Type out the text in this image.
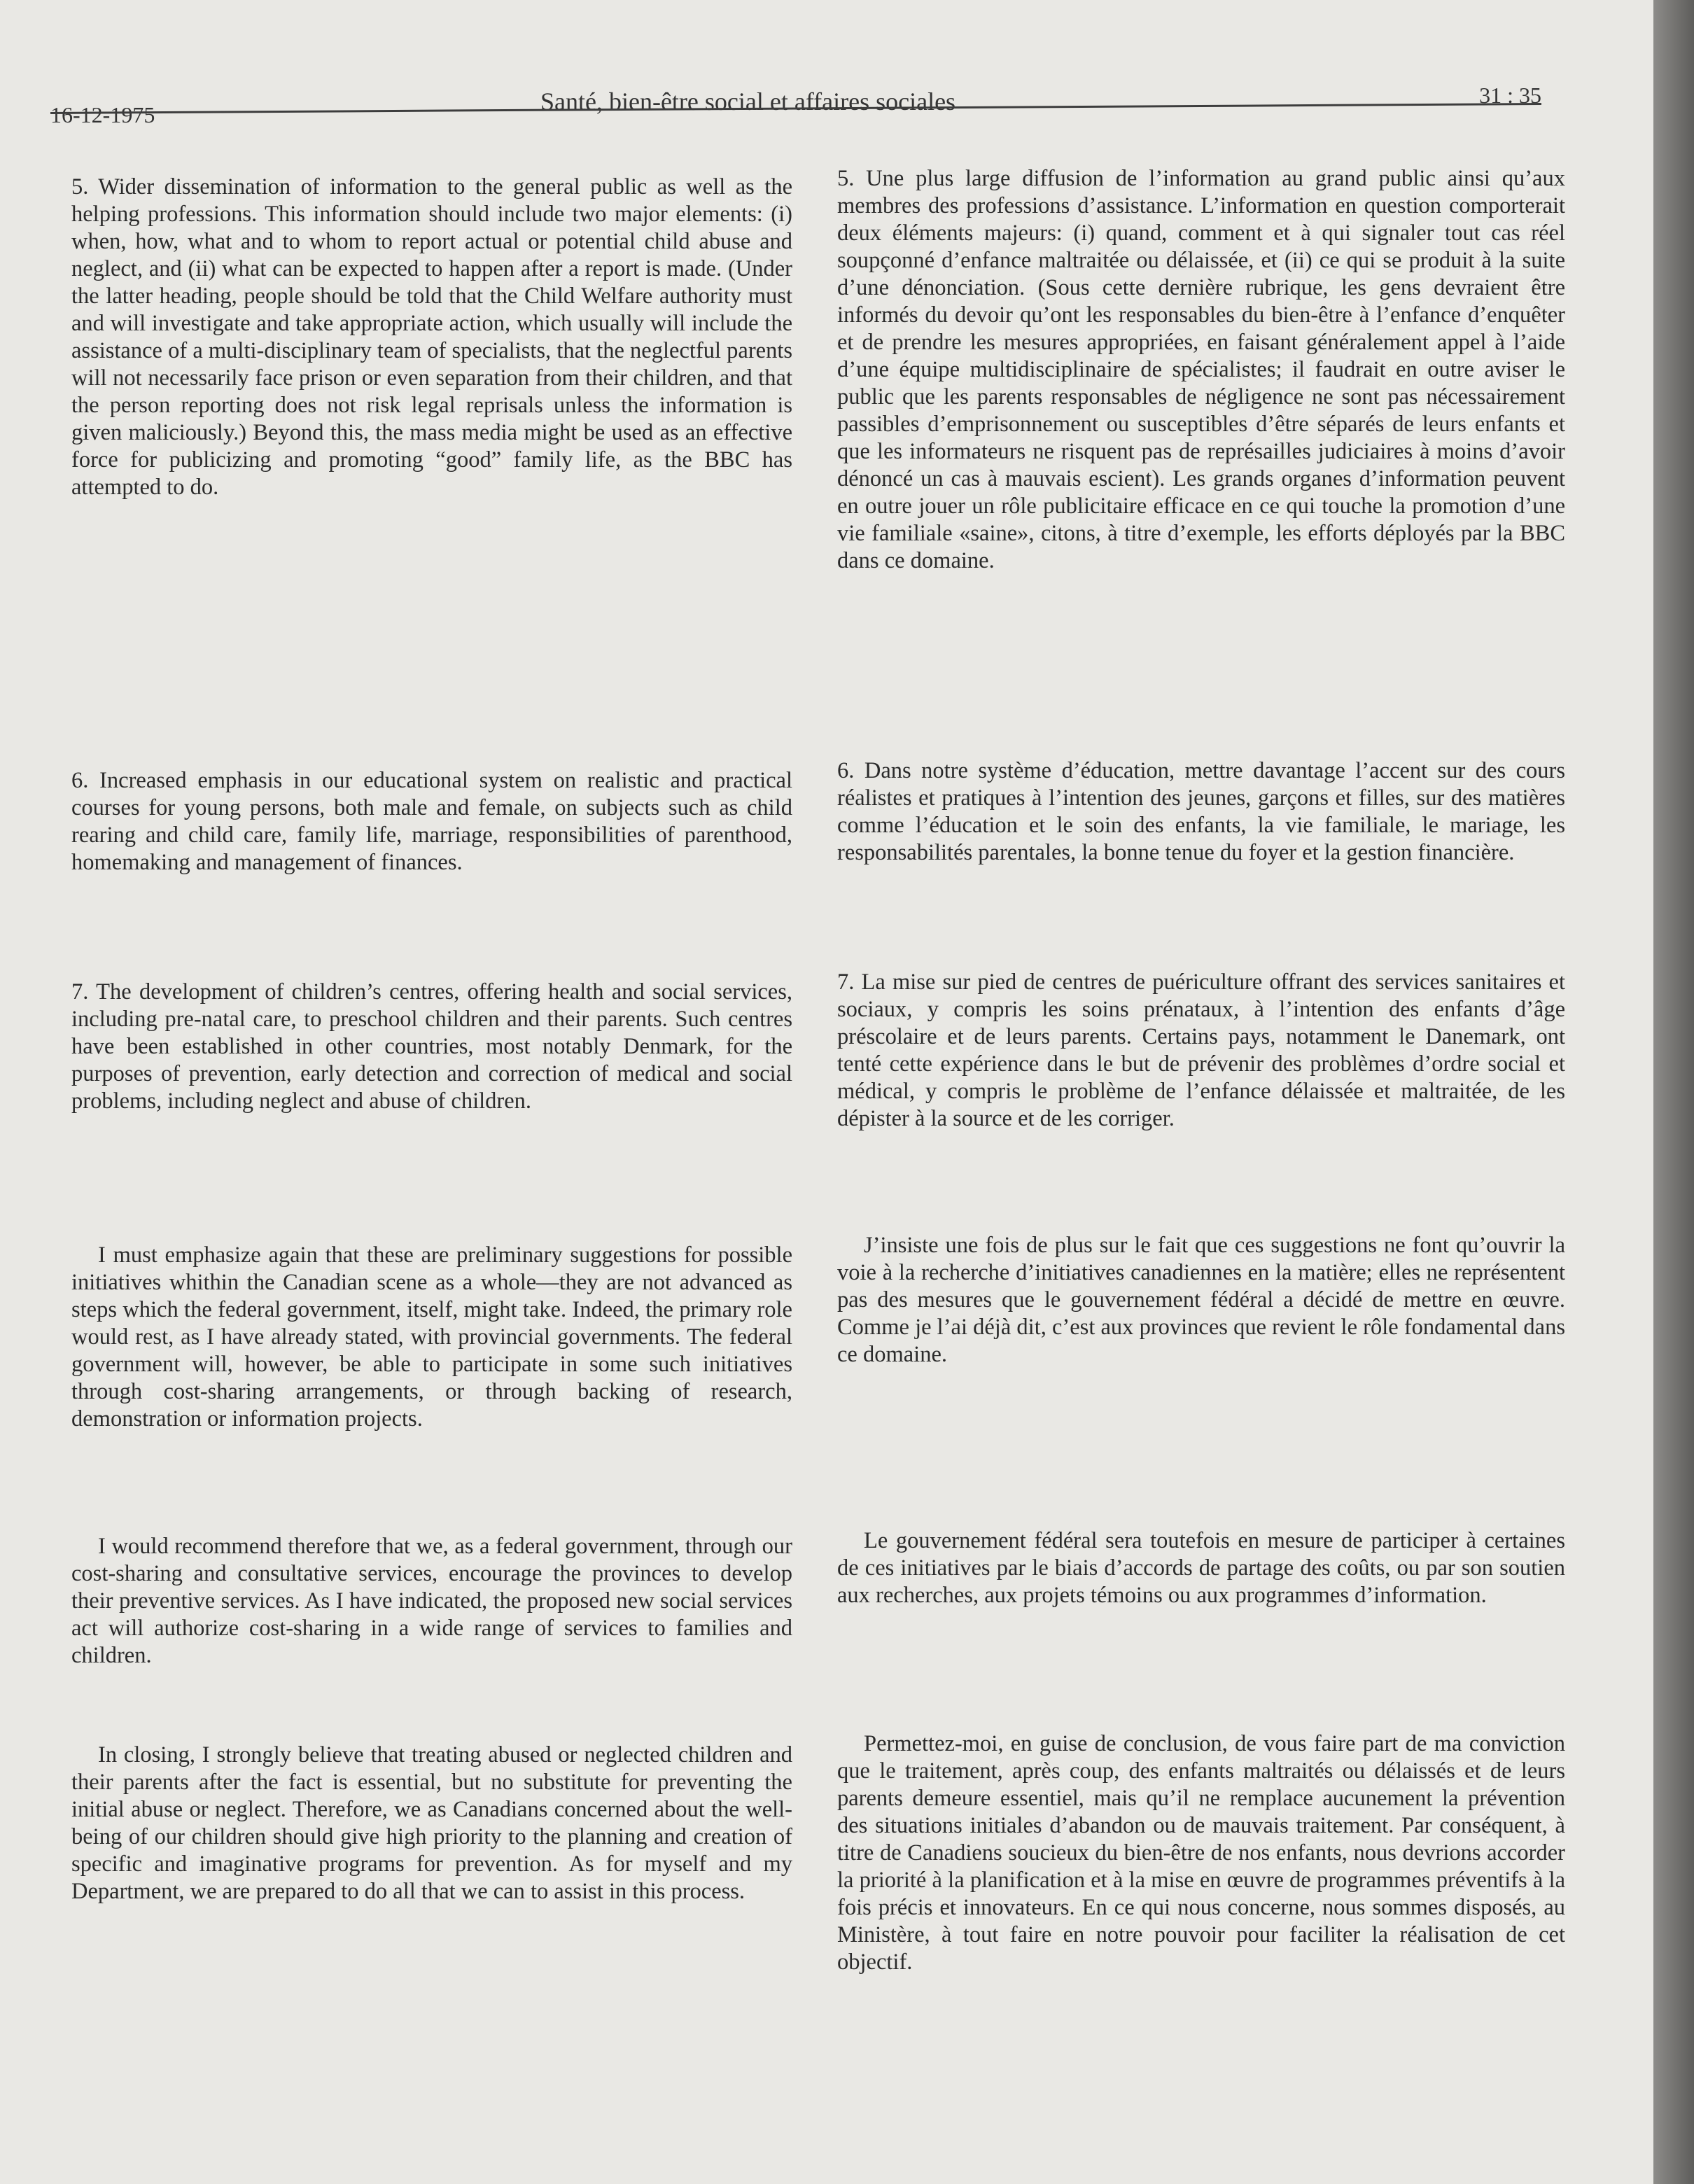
16-12-1975	Santé, bien-être social et affaires sociales	31 : 35

5. Wider dissemination of information to the general public as well as the helping professions. This information should include two major elements: (i) when, how, what and to whom to report actual or potential child abuse and neglect, and (ii) what can be expected to happen after a report is made. (Under the latter heading, people should be told that the Child Welfare authority must and will investigate and take appropriate action, which usually will include the assistance of a multi-disciplinary team of specialists, that the neglectful parents will not necessarily face prison or even separation from their children, and that the person reporting does not risk legal reprisals unless the information is given maliciously.) Beyond this, the mass media might be used as an effective force for publicizing and promoting “good” family life, as the BBC has attempted to do.

6. Increased emphasis in our educational system on realistic and practical courses for young persons, both male and female, on subjects such as child rearing and child care, family life, marriage, responsibilities of parenthood, homemaking and management of finances.

7. The development of children’s centres, offering health and social services, including pre-natal care, to preschool children and their parents. Such centres have been established in other countries, most notably Denmark, for the purposes of prevention, early detection and correction of medical and social problems, including neglect and abuse of children.

I must emphasize again that these are preliminary suggestions for possible initiatives whithin the Canadian scene as a whole—they are not advanced as steps which the federal government, itself, might take. Indeed, the primary role would rest, as I have already stated, with provincial governments. The federal government will, however, be able to participate in some such initiatives through cost-sharing arrangements, or through backing of research, demonstration or information projects.

I would recommend therefore that we, as a federal government, through our cost-sharing and consultative services, encourage the provinces to develop their preventive services. As I have indicated, the proposed new social services act will authorize cost-sharing in a wide range of services to families and children.

In closing, I strongly believe that treating abused or neglected children and their parents after the fact is essential, but no substitute for preventing the initial abuse or neglect. Therefore, we as Canadians concerned about the well-being of our children should give high priority to the planning and creation of specific and imaginative programs for prevention. As for myself and my Department, we are prepared to do all that we can to assist in this process.

5. Une plus large diffusion de l’information au grand public ainsi qu’aux membres des professions d’assistance. L’information en question comporterait deux éléments majeurs: (i) quand, comment et à qui signaler tout cas réel soupçonné d’enfance maltraitée ou délaissée, et (ii) ce qui se produit à la suite d’une dénonciation. (Sous cette dernière rubrique, les gens devraient être informés du devoir qu’ont les responsables du bien-être à l’enfance d’enquêter et de prendre les mesures appropriées, en faisant généralement appel à l’aide d’une équipe multidisciplinaire de spécialistes; il faudrait en outre aviser le public que les parents responsables de négligence ne sont pas nécessairement passibles d’emprisonnement ou susceptibles d’être séparés de leurs enfants et que les informateurs ne risquent pas de représailles judiciaires à moins d’avoir dénoncé un cas à mauvais escient). Les grands organes d’information peuvent en outre jouer un rôle publicitaire efficace en ce qui touche la promotion d’une vie familiale «saine», citons, à titre d’exemple, les efforts déployés par la BBC dans ce domaine.

6. Dans notre système d’éducation, mettre davantage l’accent sur des cours réalistes et pratiques à l’intention des jeunes, garçons et filles, sur des matières comme l’éducation et le soin des enfants, la vie familiale, le mariage, les responsabilités parentales, la bonne tenue du foyer et la gestion financière.

7. La mise sur pied de centres de puériculture offrant des services sanitaires et sociaux, y compris les soins prénataux, à l’intention des enfants d’âge préscolaire et de leurs parents. Certains pays, notamment le Danemark, ont tenté cette expérience dans le but de prévenir des problèmes d’ordre social et médical, y compris le problème de l’enfance délaissée et maltraitée, de les dépister à la source et de les corriger.

J’insiste une fois de plus sur le fait que ces suggestions ne font qu’ouvrir la voie à la recherche d’initiatives canadiennes en la matière; elles ne représentent pas des mesures que le gouvernement fédéral a décidé de mettre en œuvre. Comme je l’ai déjà dit, c’est aux provinces que revient le rôle fondamental dans ce domaine.

Le gouvernement fédéral sera toutefois en mesure de participer à certaines de ces initiatives par le biais d’accords de partage des coûts, ou par son soutien aux recherches, aux projets témoins ou aux programmes d’information.

Permettez-moi, en guise de conclusion, de vous faire part de ma conviction que le traitement, après coup, des enfants maltraités ou délaissés et de leurs parents demeure essentiel, mais qu’il ne remplace aucunement la prévention des situations initiales d’abandon ou de mauvais traitement. Par conséquent, à titre de Canadiens soucieux du bien-être de nos enfants, nous devrions accorder la priorité à la planification et à la mise en œuvre de programmes préventifs à la fois précis et innovateurs. En ce qui nous concerne, nous sommes disposés, au Ministère, à tout faire en notre pouvoir pour faciliter la réalisation de cet objectif.
